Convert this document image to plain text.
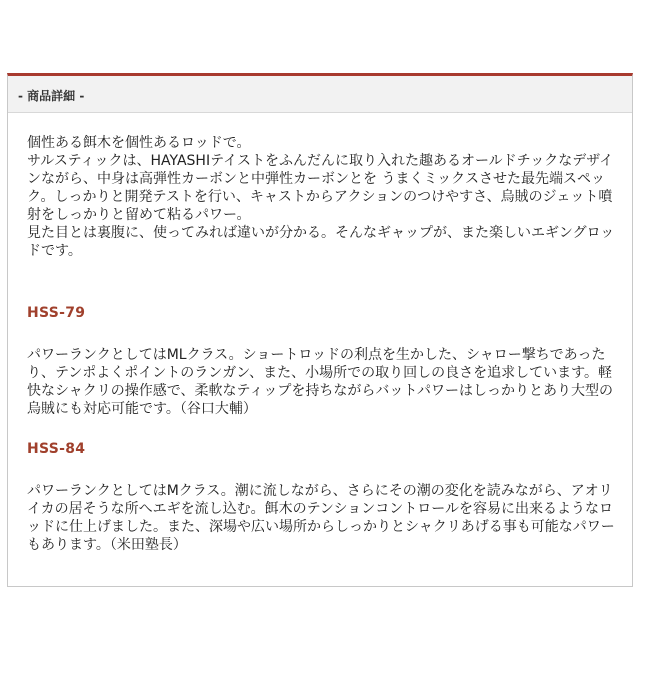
- 商品詳細 -

個性ある餌木を個性あるロッドで。

サルスティックは、HAYASHIテイストをふんだんに取り入れた趣あるオールドチックなデザインながら、中身は高弾性カーボンと中弾性カーボンとを うまくミックスさせた最先端スペック。しっかりと開発テストを行い、キャストからアクションのつけやすさ、烏賊のジェット噴射をしっかりと留めて粘るパワー。

見た目とは裏腹に、使ってみれば違いが分かる。そんなギャップが、また楽しいエギングロッドです。

HSS-79

パワーランクとしてはMLクラス。ショートロッドの利点を生かした、シャロー撃ちであったり、テンポよくポイントのランガン、また、小場所での取り回しの良さを追求しています。軽快なシャクリの操作感で、柔軟なティップを持ちながらバットパワーはしっかりとあり大型の烏賊にも対応可能です。（谷口大輔）

HSS-84

パワーランクとしてはMクラス。潮に流しながら、さらにその潮の変化を読みながら、アオリイカの居そうな所へエギを流し込む。餌木のテンションコントロールを容易に出来るようなロッドに仕上げました。また、深場や広い場所からしっかりとシャクリあげる事も可能なパワーもあります。（米田塾長）
